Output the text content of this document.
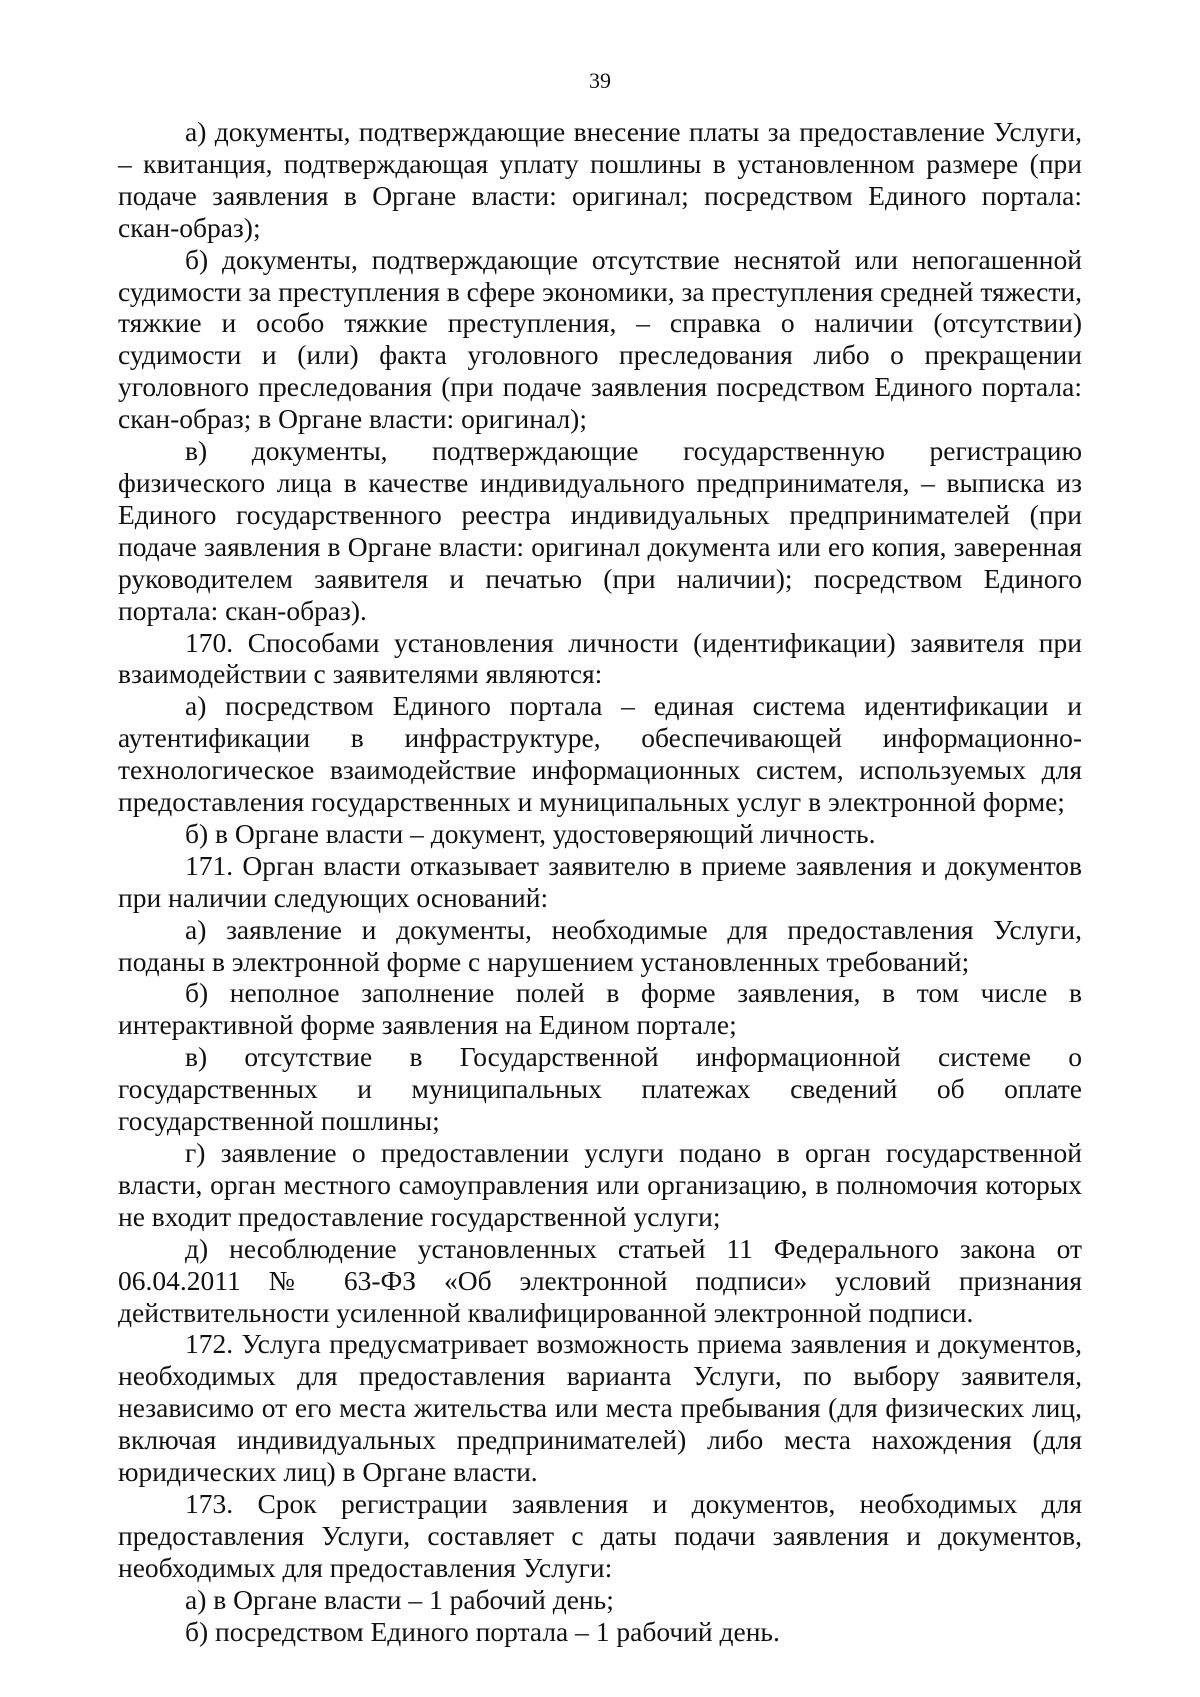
39

а) документы, подтверждающие внесение платы за предоставление Услуги, – квитанция, подтверждающая уплату пошлины в установленном размере (при подаче заявления в Органе власти: оригинал; посредством Единого портала: скан-образ);

б) документы, подтверждающие отсутствие неснятой или непогашенной судимости за преступления в сфере экономики, за преступления средней тяжести, тяжкие и особо тяжкие преступления, – справка о наличии (отсутствии) судимости и (или) факта уголовного преследования либо о прекращении уголовного преследования (при подаче заявления посредством Единого портала: скан-образ; в Органе власти: оригинал);

в) документы, подтверждающие государственную регистрацию физического лица в качестве индивидуального предпринимателя, – выписка из Единого государственного реестра индивидуальных предпринимателей (при подаче заявления в Органе власти: оригинал документа или его копия, заверенная руководителем заявителя и печатью (при наличии); посредством Единого портала: скан-образ).

170. Способами установления личности (идентификации) заявителя при взаимодействии с заявителями являются:

а) посредством Единого портала – единая система идентификации и аутентификации в инфраструктуре, обеспечивающей информационно-технологическое взаимодействие информационных систем, используемых для предоставления государственных и муниципальных услуг в электронной форме;

б) в Органе власти – документ, удостоверяющий личность.

171. Орган власти отказывает заявителю в приеме заявления и документов при наличии следующих оснований:

а) заявление и документы, необходимые для предоставления Услуги, поданы в электронной форме с нарушением установленных требований;

б) неполное заполнение полей в форме заявления, в том числе в интерактивной форме заявления на Едином портале;

в) отсутствие в Государственной информационной системе о государственных и муниципальных платежах сведений об оплате государственной пошлины;

г) заявление о предоставлении услуги подано в орган государственной власти, орган местного самоуправления или организацию, в полномочия которых не входит предоставление государственной услуги;

д) несоблюдение установленных статьей 11 Федерального закона от 06.04.2011 № 63-ФЗ «Об электронной подписи» условий признания действительности усиленной квалифицированной электронной подписи.

172. Услуга предусматривает возможность приема заявления и документов, необходимых для предоставления варианта Услуги, по выбору заявителя, независимо от его места жительства или места пребывания (для физических лиц, включая индивидуальных предпринимателей) либо места нахождения (для юридических лиц) в Органе власти.

173. Срок регистрации заявления и документов, необходимых для предоставления Услуги, составляет с даты подачи заявления и документов, необходимых для предоставления Услуги:

а) в Органе власти – 1 рабочий день;

б) посредством Единого портала – 1 рабочий день.
